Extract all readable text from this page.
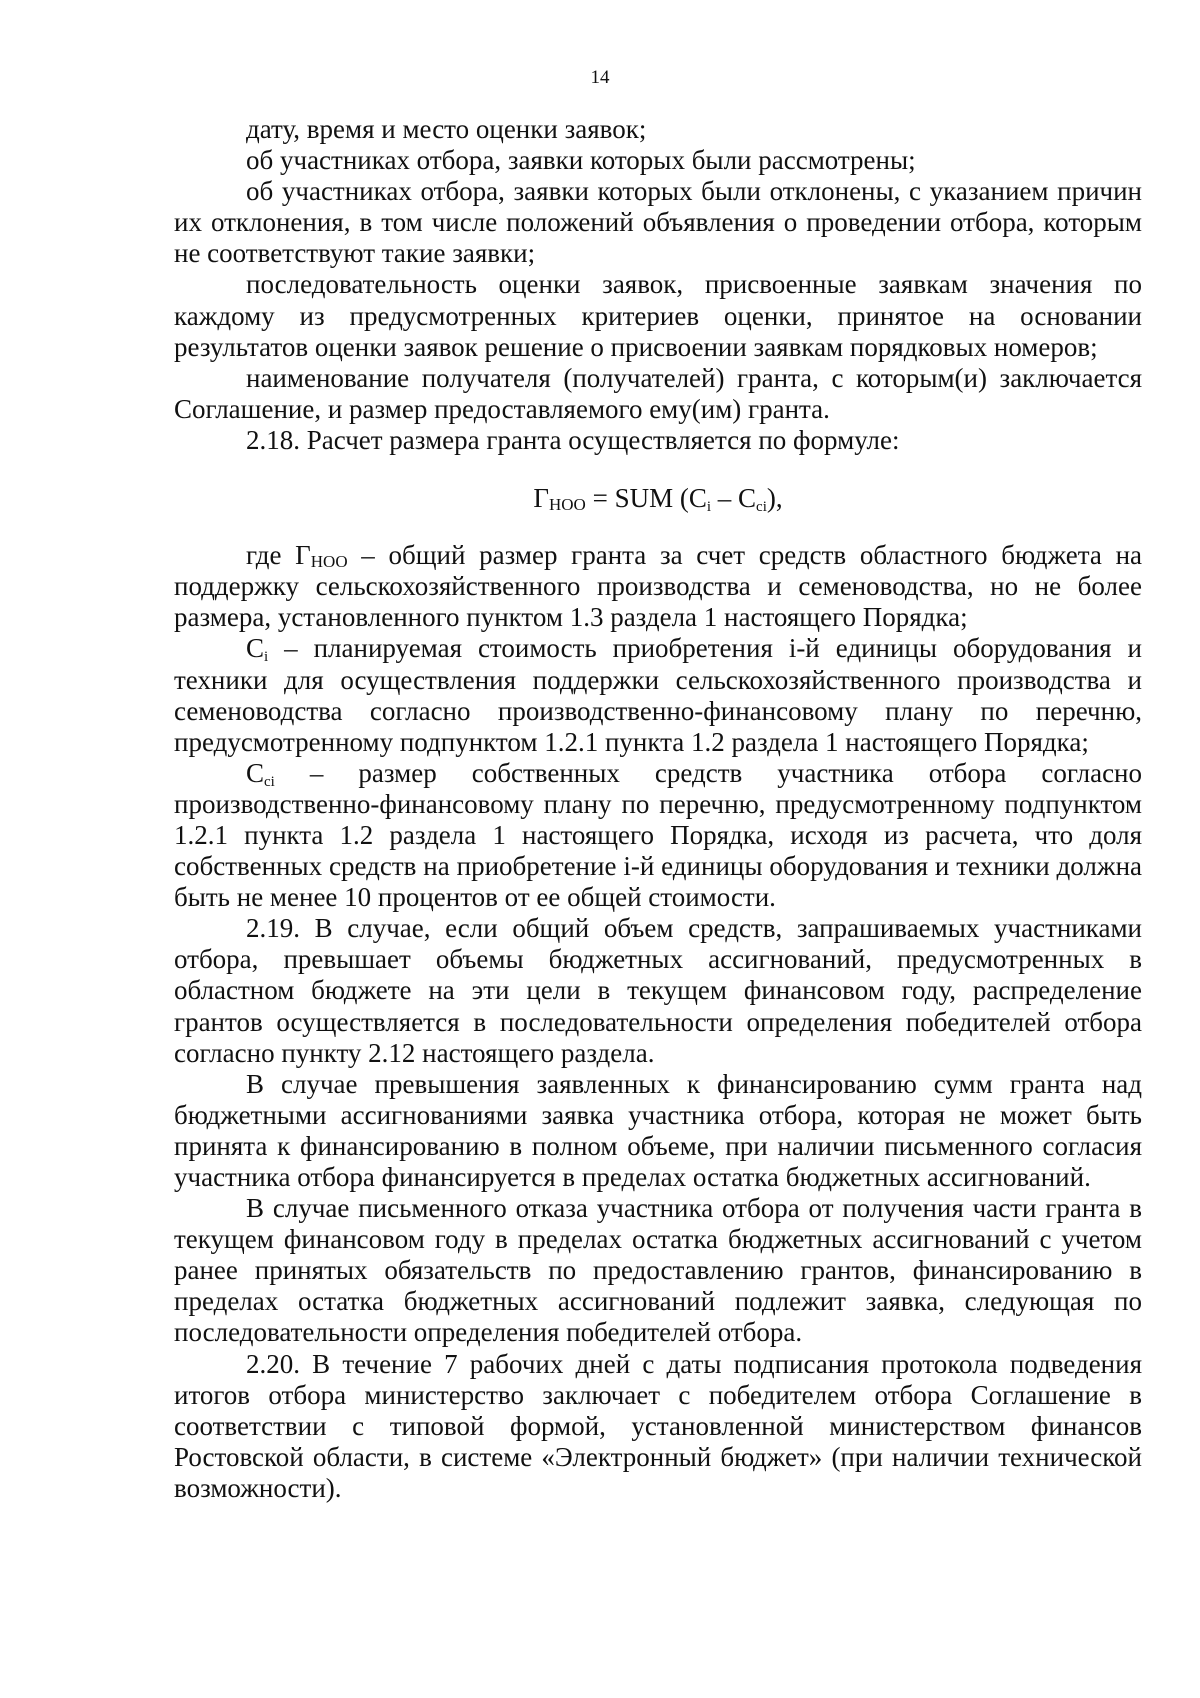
14

дату, время и место оценки заявок;

об участниках отбора, заявки которых были рассмотрены;

об участниках отбора, заявки которых были отклонены, с указанием причин их отклонения, в том числе положений объявления о проведении отбора, которым не соответствуют такие заявки;

последовательность оценки заявок, присвоенные заявкам значения по каждому из предусмотренных критериев оценки, принятое на основании результатов оценки заявок решение о присвоении заявкам порядковых номеров;

наименование получателя (получателей) гранта, с которым(и) заключается Соглашение, и размер предоставляемого ему(им) гранта.

2.18. Расчет размера гранта осуществляется по формуле:

ГНОО = SUM (Сi – Сci),

где ГНОО – общий размер гранта за счет средств областного бюджета на поддержку сельскохозяйственного производства и семеноводства, но не более размера, установленного пунктом 1.3 раздела 1 настоящего Порядка;

Сi – планируемая стоимость приобретения i-й единицы оборудования и техники для осуществления поддержки сельскохозяйственного производства и семеноводства согласно производственно-финансовому плану по перечню, предусмотренному подпунктом 1.2.1 пункта 1.2 раздела 1 настоящего Порядка;

Сci – размер собственных средств участника отбора согласно производственно-финансовому плану по перечню, предусмотренному подпунктом 1.2.1 пункта 1.2 раздела 1 настоящего Порядка, исходя из расчета, что доля собственных средств на приобретение i-й единицы оборудования и техники должна быть не менее 10 процентов от ее общей стоимости.

2.19. В случае, если общий объем средств, запрашиваемых участниками отбора, превышает объемы бюджетных ассигнований, предусмотренных в областном бюджете на эти цели в текущем финансовом году, распределение грантов осуществляется в последовательности определения победителей отбора согласно пункту 2.12 настоящего раздела.

В случае превышения заявленных к финансированию сумм гранта над бюджетными ассигнованиями заявка участника отбора, которая не может быть принята к финансированию в полном объеме, при наличии письменного согласия участника отбора финансируется в пределах остатка бюджетных ассигнований.

В случае письменного отказа участника отбора от получения части гранта в текущем финансовом году в пределах остатка бюджетных ассигнований с учетом ранее принятых обязательств по предоставлению грантов, финансированию в пределах остатка бюджетных ассигнований подлежит заявка, следующая по последовательности определения победителей отбора.

2.20. В течение 7 рабочих дней с даты подписания протокола подведения итогов отбора министерство заключает с победителем отбора Соглашение в соответствии с типовой формой, установленной министерством финансов Ростовской области, в системе «Электронный бюджет» (при наличии технической возможности).
